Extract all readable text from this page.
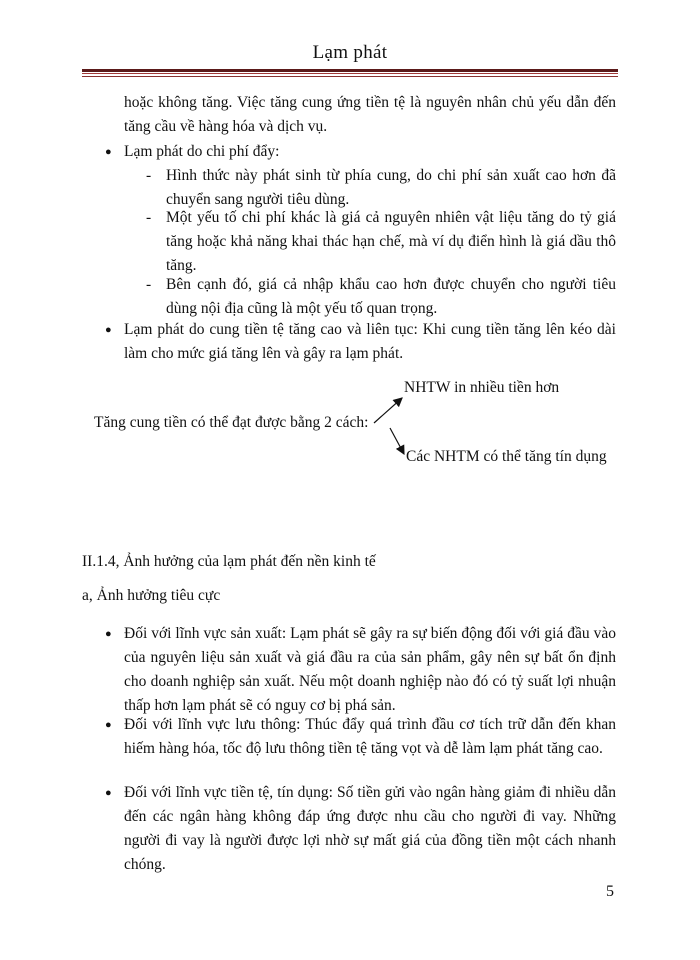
Lạm phát
hoặc không tăng. Việc tăng cung ứng tiền tệ là nguyên nhân chủ yếu dẫn đến tăng cầu về hàng hóa và dịch vụ.
● Lạm phát do chi phí đẩy:
- Hình thức này phát sinh từ phía cung, do chi phí sản xuất cao hơn đã chuyển sang người tiêu dùng.
- Một yếu tố chi phí khác là giá cả nguyên nhiên vật liệu tăng do tỷ giá tăng hoặc khả năng khai thác hạn chế, mà ví dụ điển hình là giá dầu thô tăng.
- Bên cạnh đó, giá cả nhập khẩu cao hơn được chuyển cho người tiêu dùng nội địa cũng là một yếu tố quan trọng.
● Lạm phát do cung tiền tệ tăng cao và liên tục: Khi cung tiền tăng lên kéo dài làm cho mức giá tăng lên và gây ra lạm phát.
NHTW in nhiều tiền hơn
Tăng cung tiền có thể đạt được bằng 2 cách:
Các NHTM có thể tăng tín dụng
II.1.4, Ảnh hưởng của lạm phát đến nền kinh tế
a, Ảnh hưởng tiêu cực
● Đối với lĩnh vực sản xuất: Lạm phát sẽ gây ra sự biến động đối với giá đầu vào của nguyên liệu sản xuất và giá đầu ra của sản phẩm, gây nên sự bất ổn định cho doanh nghiệp sản xuất. Nếu một doanh nghiệp nào đó có tỷ suất lợi nhuận thấp hơn lạm phát sẽ có nguy cơ bị phá sản.
● Đối với lĩnh vực lưu thông: Thúc đẩy quá trình đầu cơ tích trữ dẫn đến khan hiếm hàng hóa, tốc độ lưu thông tiền tệ tăng vọt và dễ làm lạm phát tăng cao.
● Đối với lĩnh vực tiền tệ, tín dụng: Số tiền gửi vào ngân hàng giảm đi nhiều dẫn đến các ngân hàng không đáp ứng được nhu cầu cho người đi vay. Những người đi vay là người được lợi nhờ sự mất giá của đồng tiền một cách nhanh chóng.
5
